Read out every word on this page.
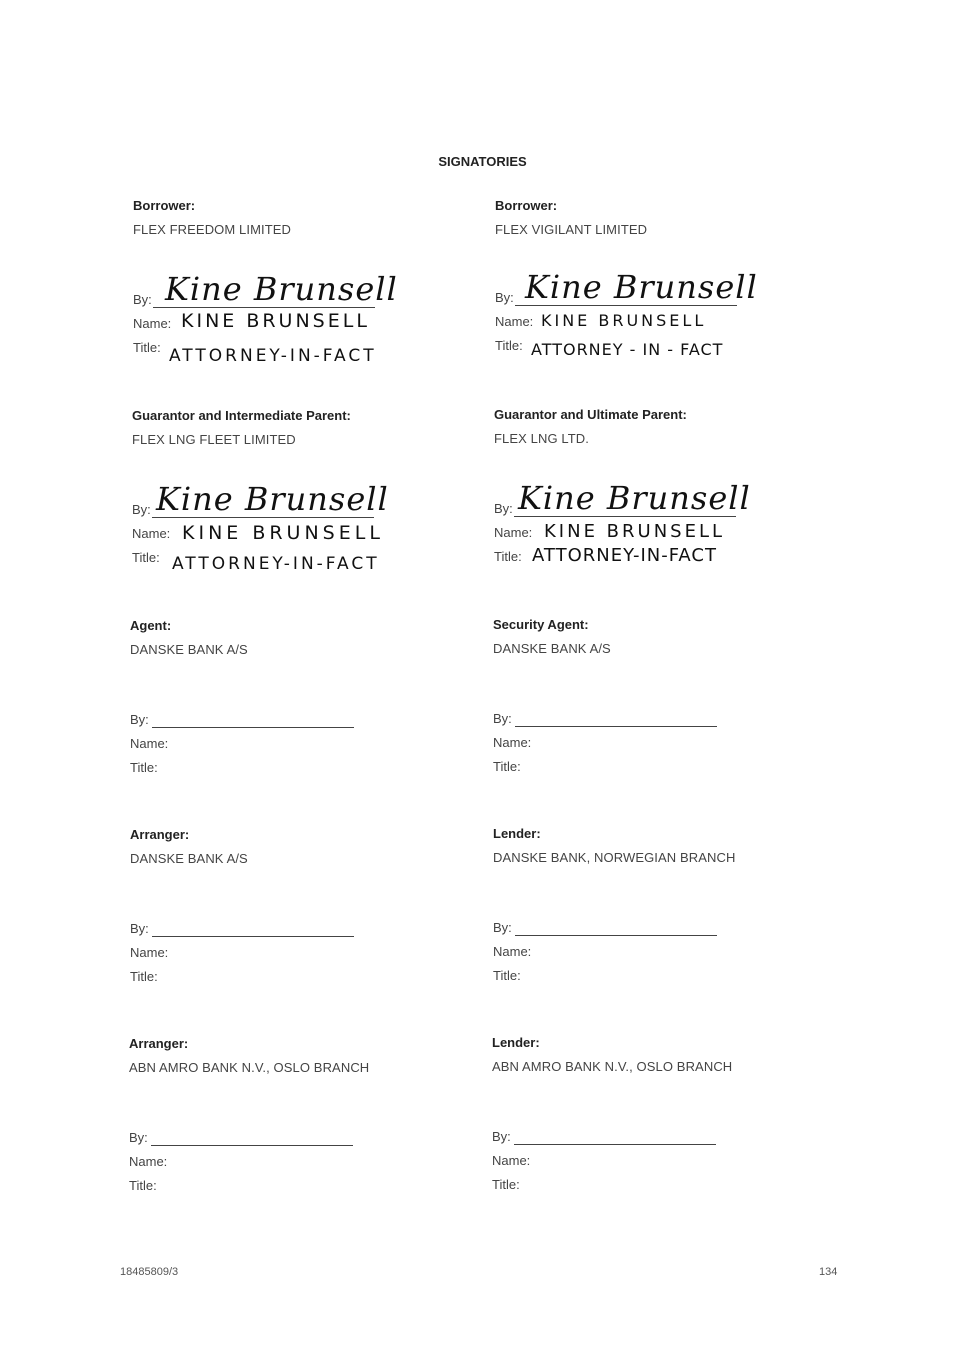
SIGNATORIES
Borrower:
FLEX FREEDOM LIMITED
By: Kine Brunsell
Name: KINE BRUNSELL
Title: ATTORNEY-IN-FACT
Borrower:
FLEX VIGILANT LIMITED
By: Kine Brunsell
Name: KINE BRUNSELL
Title: ATTORNEY - IN - FACT
Guarantor and Intermediate Parent:
FLEX LNG FLEET LIMITED
By: Kine Brunsell
Name: KINE BRUNSELL
Title: ATTORNEY-IN-FACT
Guarantor and Ultimate Parent:
FLEX LNG LTD.
By: Kine Brunsell
Name: KINE BRUNSELL
Title: ATTORNEY-IN-FACT
Agent:
DANSKE BANK A/S
By:
Name:
Title:
Security Agent:
DANSKE BANK A/S
By:
Name:
Title:
Arranger:
DANSKE BANK A/S
By:
Name:
Title:
Lender:
DANSKE BANK, NORWEGIAN BRANCH
By:
Name:
Title:
Arranger:
ABN AMRO BANK N.V., OSLO BRANCH
By:
Name:
Title:
Lender:
ABN AMRO BANK N.V., OSLO BRANCH
By:
Name:
Title:
18485809/3	134
